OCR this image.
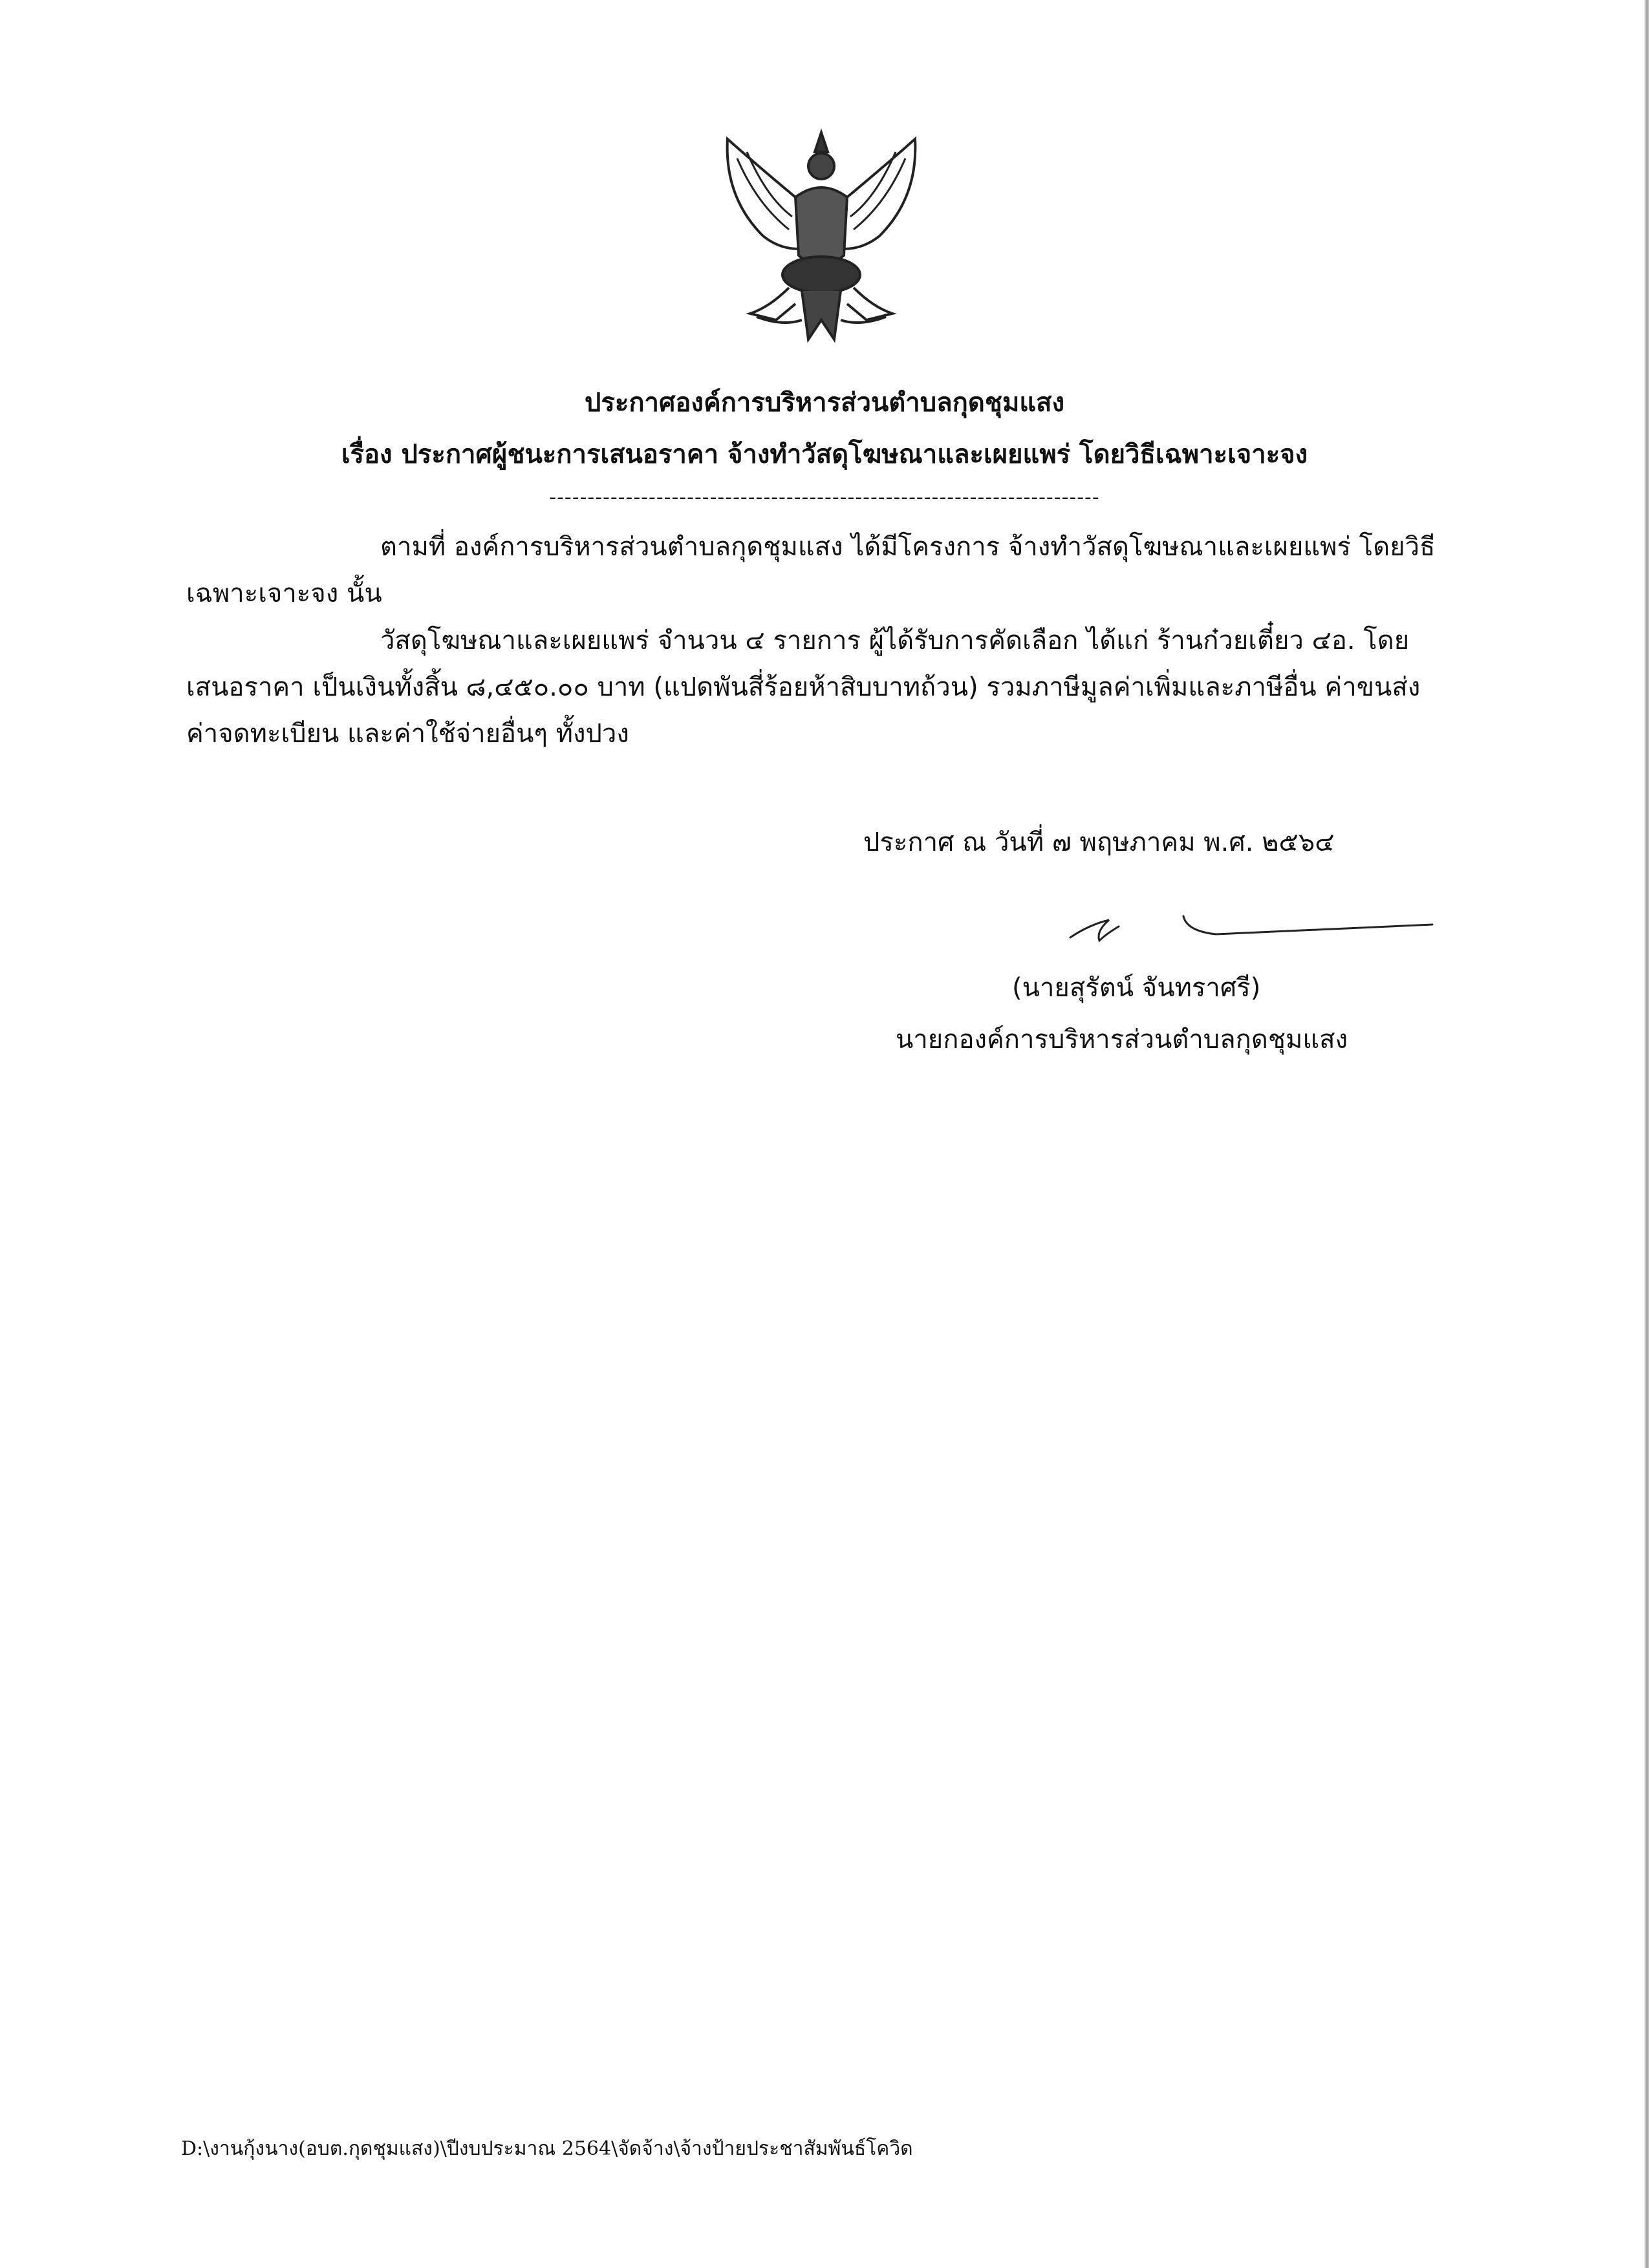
ประกาศองค์การบริหารส่วนตำบลกุดชุมแสง
เรื่อง ประกาศผู้ชนะการเสนอราคา จ้างทำวัสดุโฆษณาและเผยแพร่ โดยวิธีเฉพาะเจาะจง
------------------------------------------------------------------------
ตามที่ องค์การบริหารส่วนตำบลกุดชุมแสง ได้มีโครงการ จ้างทำวัสดุโฆษณาและเผยแพร่ โดยวิธีเฉพาะเจาะจง นั้น
วัสดุโฆษณาและเผยแพร่ จำนวน ๔ รายการ ผู้ได้รับการคัดเลือก ได้แก่ ร้านก๋วยเตี๋ยว ๔อ. โดยเสนอราคา เป็นเงินทั้งสิ้น ๘,๔๕๐.๐๐ บาท (แปดพันสี่ร้อยห้าสิบบาทถ้วน) รวมภาษีมูลค่าเพิ่มและภาษีอื่น ค่าขนส่ง ค่าจดทะเบียน และค่าใช้จ่ายอื่นๆ ทั้งปวง
ประกาศ ณ วันที่ ๗ พฤษภาคม พ.ศ. ๒๕๖๔
(นายสุรัตน์ จันทราศรี)
นายกองค์การบริหารส่วนตำบลกุดชุมแสง
D:\งานกุ้งนาง(อบต.กุดชุมแสง)\ปีงบประมาณ 2564\จัดจ้าง\จ้างป้ายประชาสัมพันธ์โควิด
